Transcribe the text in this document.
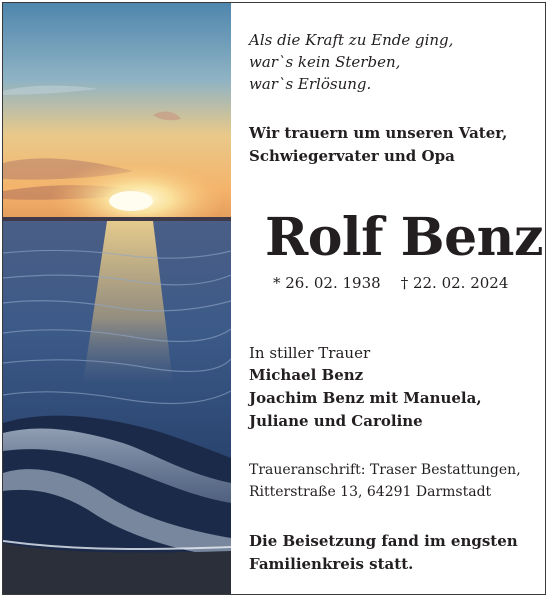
Als die Kraft zu Ende ging,
war`s kein Sterben,
war`s Erlösung.
Wir trauern um unseren Vater,
Schwiegervater und Opa
Rolf Benz
* 26. 02. 1938 † 22. 02. 2024
In stiller Trauer
Michael Benz
Joachim Benz mit Manuela,
Juliane und Caroline
Traueranschrift: Traser Bestattungen,
Ritterstraße 13, 64291 Darmstadt
Die Beisetzung fand im engsten
Familienkreis statt.
